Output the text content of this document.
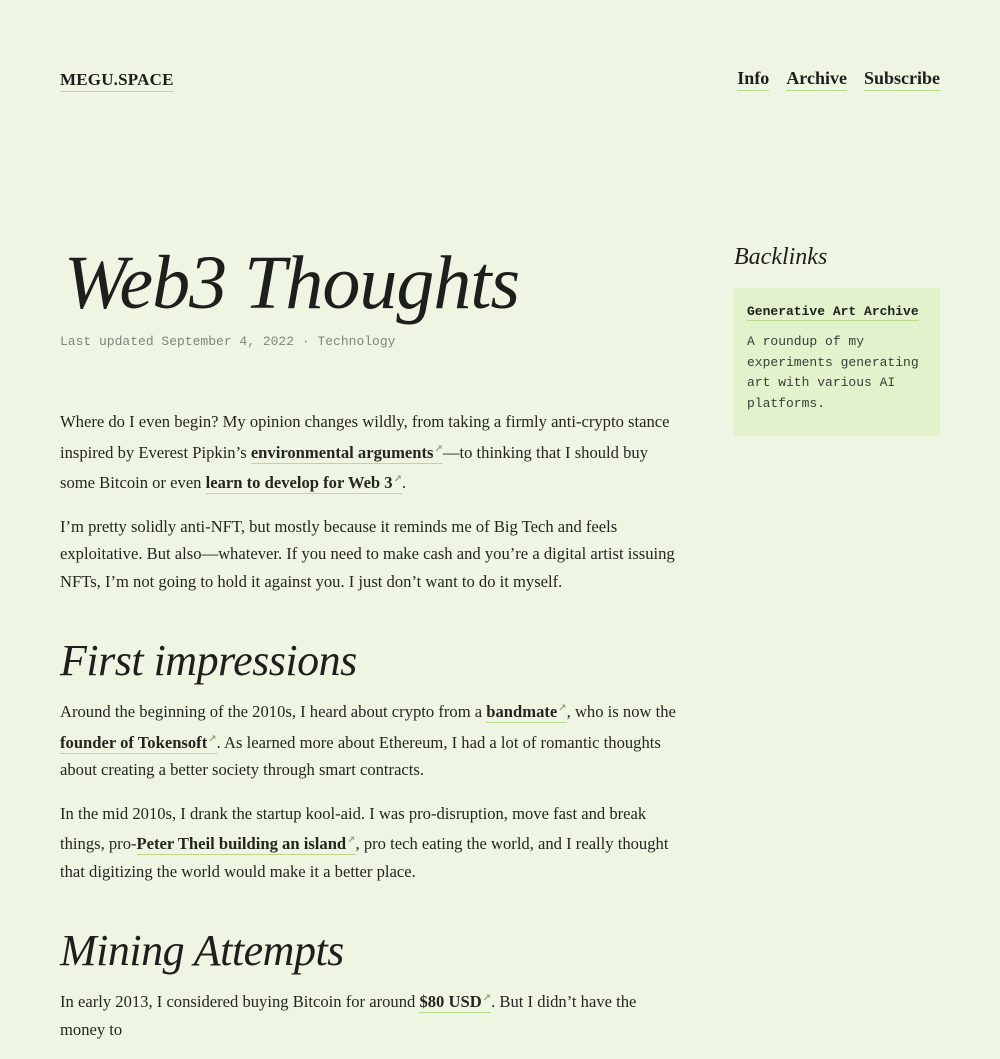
MEGU.SPACE	Info Archive Subscribe
Web3 Thoughts
Last updated September 4, 2022 · Technology

Where do I even begin? My opinion changes wildly, from taking a firmly anti-crypto stance inspired by Everest Pipkin’s environmental arguments↗—to thinking that I should buy some Bitcoin or even learn to develop for Web 3↗.

I’m pretty solidly anti-NFT, but mostly because it reminds me of Big Tech and feels exploitative. But also—whatever. If you need to make cash and you’re a digital artist issuing NFTs, I’m not going to hold it against you. I just don’t want to do it myself.

First impressions

Around the beginning of the 2010s, I heard about crypto from a bandmate↗, who is now the founder of Tokensoft↗. As learned more about Ethereum, I had a lot of romantic thoughts about creating a better society through smart contracts.

In the mid 2010s, I drank the startup kool-aid. I was pro-disruption, move fast and break things, pro-Peter Theil building an island↗, pro tech eating the world, and I really thought that digitizing the world would make it a better place.

Mining Attempts

In early 2013, I considered buying Bitcoin for around $80 USD↗. But I didn’t have the money to

Backlinks
Generative Art Archive
A roundup of my experiments generating art with various AI platforms.
